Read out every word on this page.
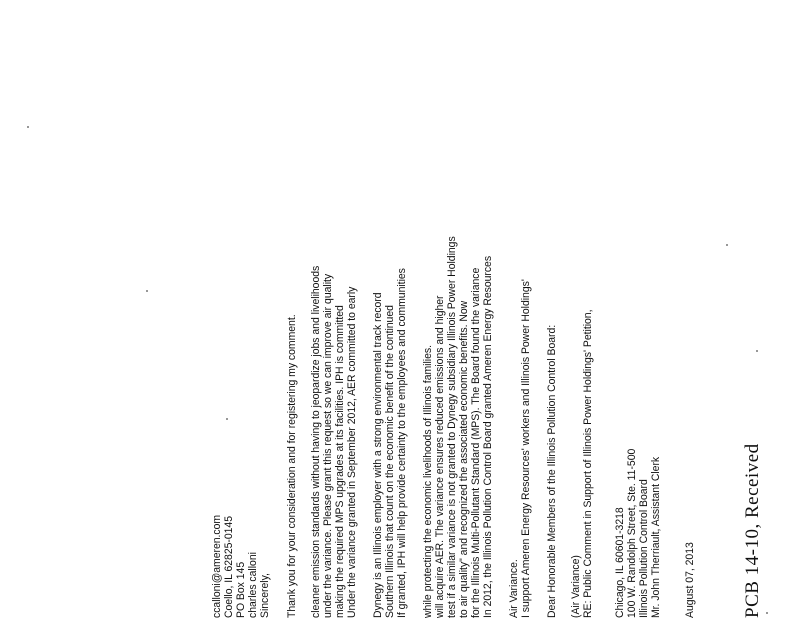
PCB 14-10, Received
August 07, 2013
Mr. John Therriault, Assistant Clerk
Illinois Pollution Control Board
100 W. Randolph Street, Ste. 11-500
Chicago, IL 60601-3218
RE: Public Comment in Support of Illinois Power Holdings' Petition,
(Air Variance)
Dear Honorable Members of the Illinois Pollution Control Board:
I support Ameren Energy Resources' workers and Illinois Power Holdings'
Air Variance.
In 2012, the Illinois Pollution Control Board granted Ameren Energy Resources
for the Illinois Multi-Pollutant Standard (MPS). The Board found the variance
to air quality" and recognized the associated economic benefits. Now
test if a similar variance is not granted to Dynegy subsidiary Illinois Power Holdings
will acquire AER. The variance ensures reduced emissions and higher
while protecting the economic livelihoods of Illinois families.
If granted, IPH will help provide certainty to the employees and communities
Southern Illinois that count on the economic benefit of the continued
Dynegy is an Illinois employer with a strong environmental track record
Under the variance granted in September 2012, AER committed to early
making the required MPS upgrades at its facilities. IPH is committed
under the variance. Please grant this request so we can improve air quality
cleaner emission standards without having to jeopardize jobs and livelihoods
Thank you for your consideration and for registering my comment.
Sincerely,
charles calloni
PO Box 145
Coello, IL 62825-0145
ccalloni@ameren.com
